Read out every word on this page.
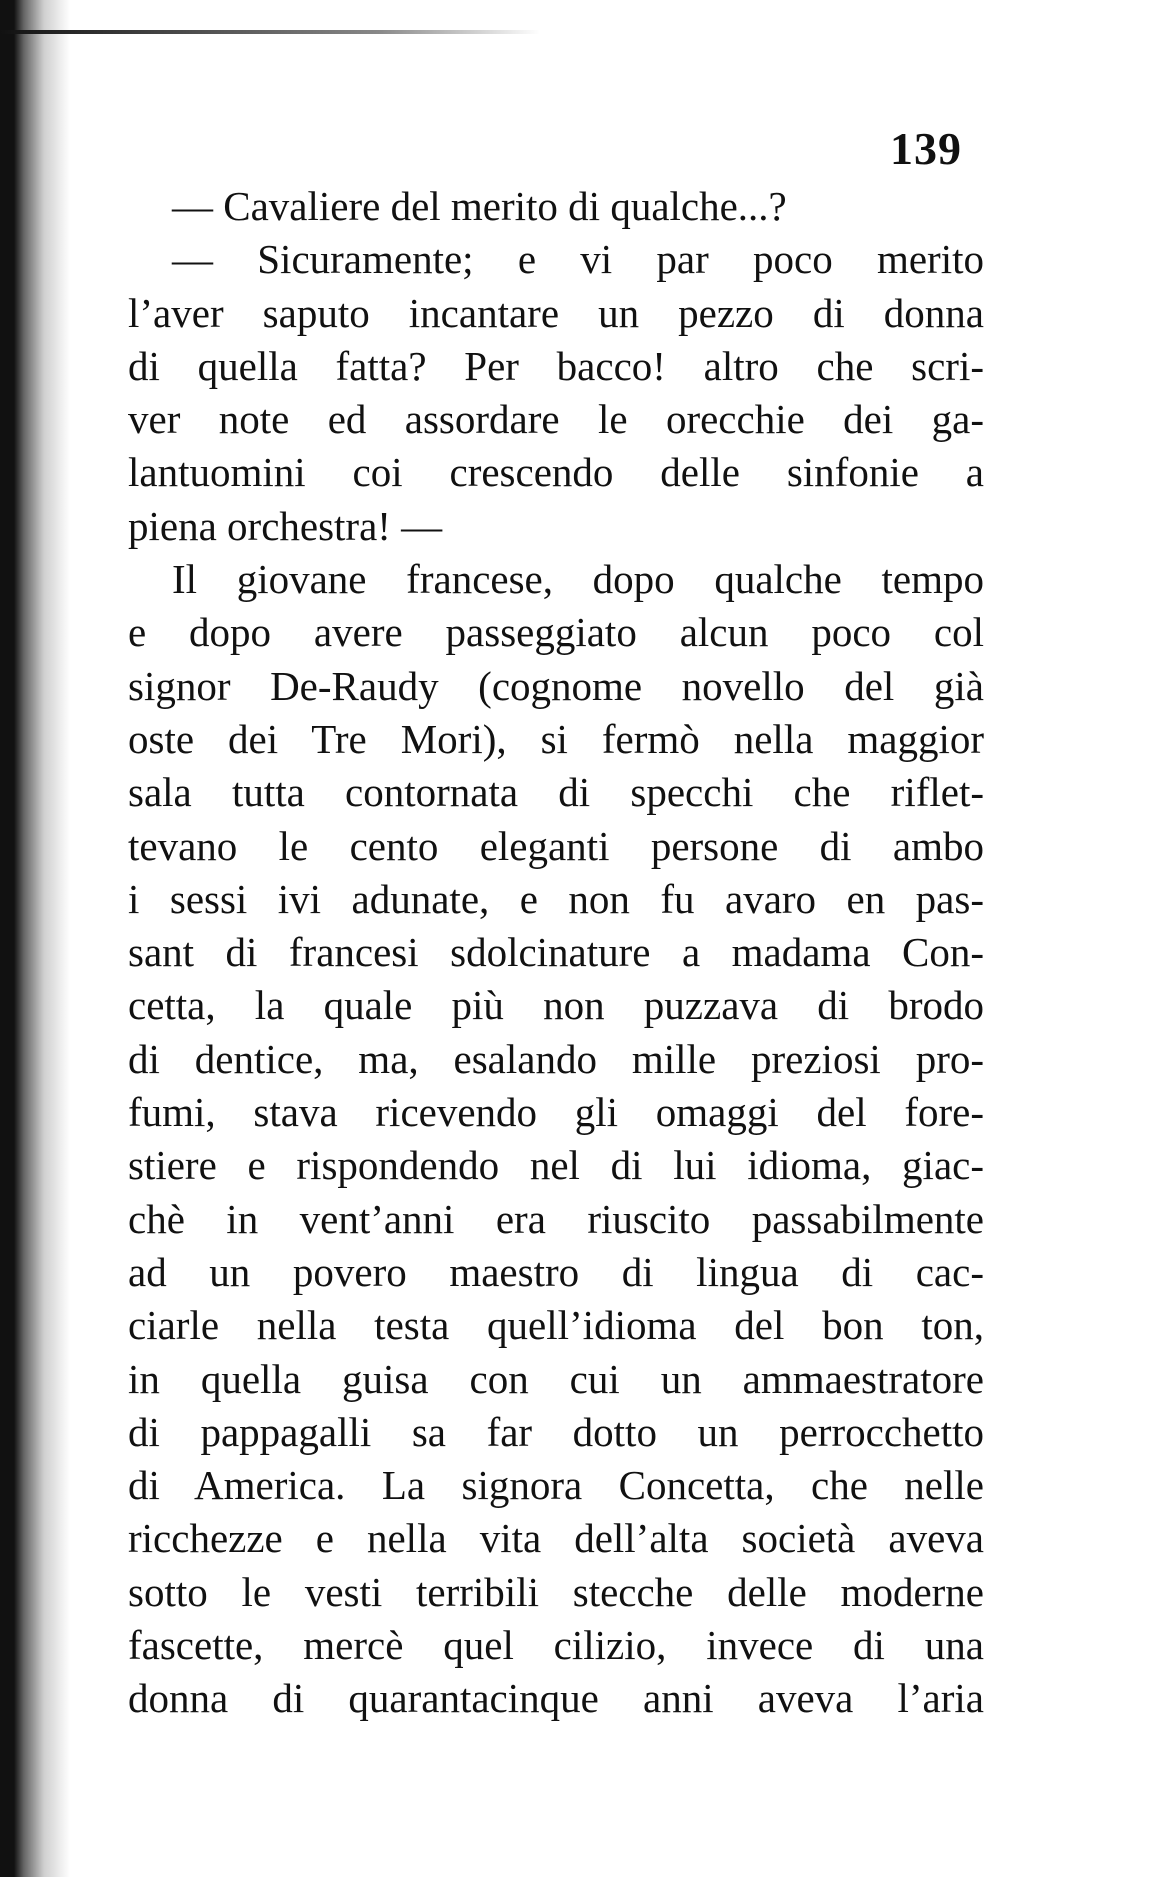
139
— Cavaliere del merito di qualche...?
— Sicuramente; e vi par poco merito
l’aver saputo incantare un pezzo di donna
di quella fatta? Per bacco! altro che scri-
ver note ed assordare le orecchie dei ga-
lantuomini coi crescendo delle sinfonie a
piena orchestra! —
Il giovane francese, dopo qualche tempo
e dopo avere passeggiato alcun poco col
signor De-Raudy (cognome novello del già
oste dei Tre Mori), si fermò nella maggior
sala tutta contornata di specchi che riflet-
tevano le cento eleganti persone di ambo
i sessi ivi adunate, e non fu avaro en pas-
sant di francesi sdolcinature a madama Con-
cetta, la quale più non puzzava di brodo
di dentice, ma, esalando mille preziosi pro-
fumi, stava ricevendo gli omaggi del fore-
stiere e rispondendo nel di lui idioma, giac-
chè in vent’anni era riuscito passabilmente
ad un povero maestro di lingua di cac-
ciarle nella testa quell’idioma del bon ton,
in quella guisa con cui un ammaestratore
di pappagalli sa far dotto un perrocchetto
di America. La signora Concetta, che nelle
ricchezze e nella vita dell’alta società aveva
sotto le vesti terribili stecche delle moderne
fascette, mercè quel cilizio, invece di una
donna di quarantacinque anni aveva l’aria
